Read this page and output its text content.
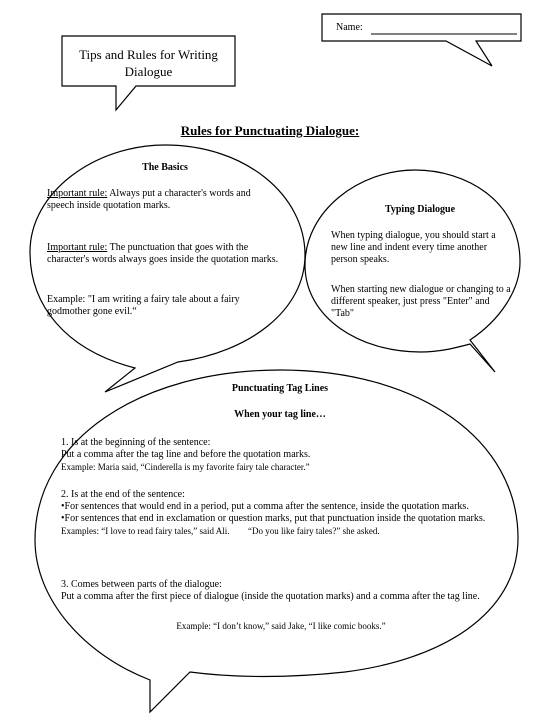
Name:
Tips and Rules for Writing
Dialogue
Rules for Punctuating Dialogue:
The Basics
Important rule: Always put a character's words and speech inside quotation marks.
Important rule: The punctuation that goes with the character's words always goes inside the quotation marks.
Example: "I am writing a fairy tale about a fairy godmother gone evil.“
Typing Dialogue
When typing dialogue, you should start a new line and indent every time another person speaks.
When starting new dialogue or changing to a different speaker, just press "Enter" and "Tab"
Punctuating Tag Lines
When your tag line…
1. Is at the beginning of the sentence:
Put a comma after the tag line and before the quotation marks.
Example: Maria said, “Cinderella is my favorite fairy tale character.”
2. Is at the end of the sentence:
•For sentences that would end in a period, put a comma after the sentence, inside the quotation marks.
•For sentences that end in exclamation or question marks, put that punctuation inside the quotation marks.
Examples: “I love to read fairy tales,” said Ali. “Do you like fairy tales?” she asked.
3. Comes between parts of the dialogue:
Put a comma after the first piece of dialogue (inside the quotation marks) and a comma after the tag line.
Example: “I don’t know,” said Jake, “I like comic books.”
